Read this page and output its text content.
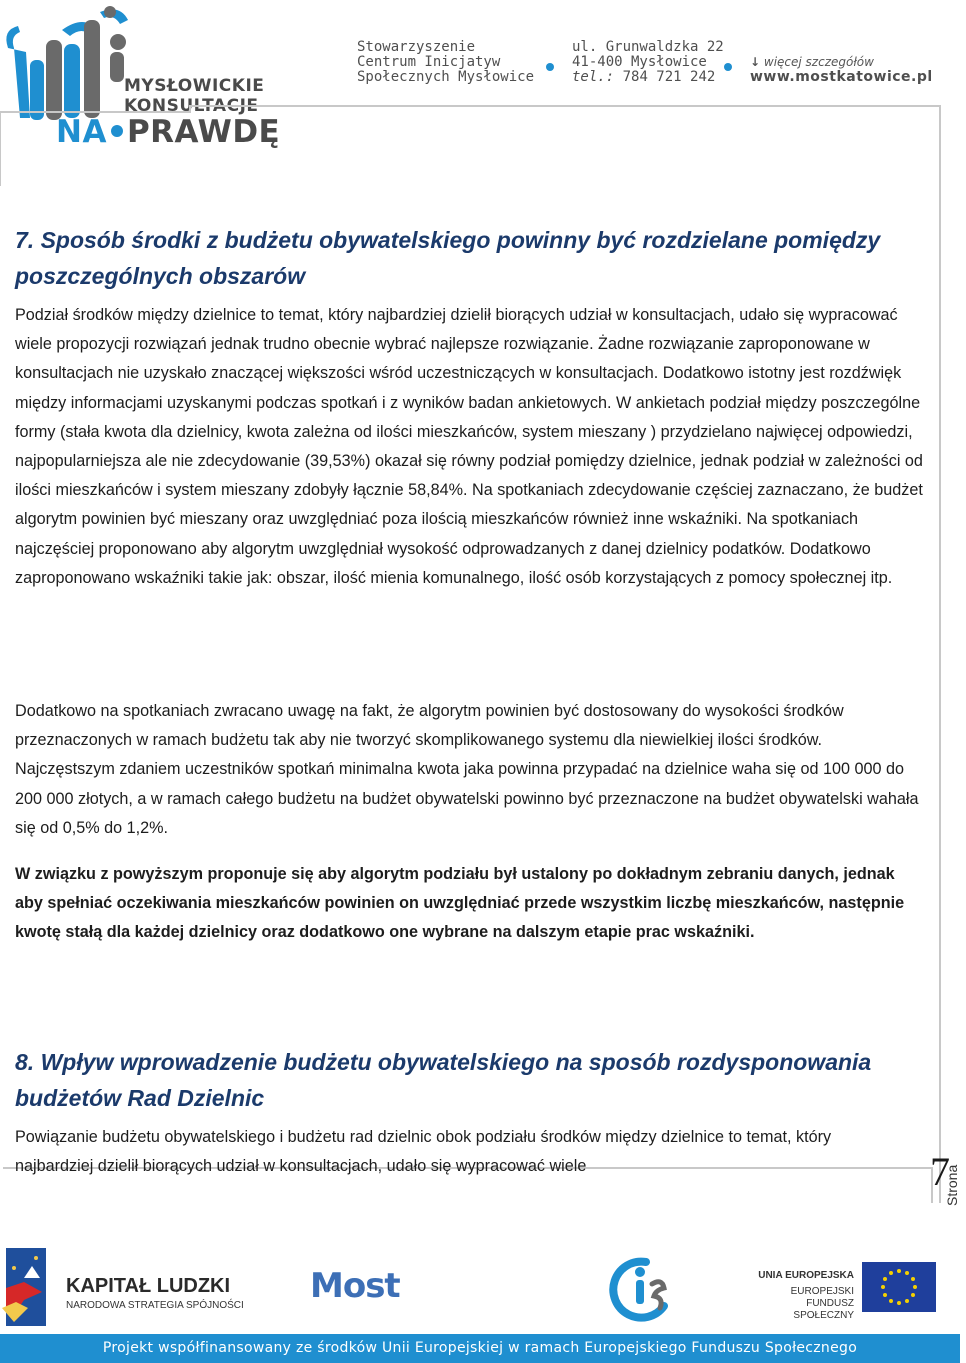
MYSŁOWICKIE
KONSULTACJE
NA PRAWDĘ
Stowarzyszenie
Centrum Inicjatyw
Społecznych Mysłowice
ul. Grunwaldzka 22
41-400 Mysłowice
tel.: 784 721 242
↓ więcej szczegółów
www.mostkatowice.pl
7. Sposób środki z budżetu obywatelskiego powinny być rozdzielane pomiędzy poszczególnych obszarów
Podział środków między dzielnice to temat, który najbardziej dzielił biorących udział w konsultacjach, udało się wypracować wiele propozycji rozwiązań jednak trudno obecnie wybrać najlepsze rozwiązanie. Żadne rozwiązanie zaproponowane w konsultacjach nie uzyskało znaczącej większości wśród uczestniczących w konsultacjach. Dodatkowo istotny jest rozdźwięk między informacjami uzyskanymi podczas spotkań i z wyników badan ankietowych. W ankietach podział między poszczególne formy (stała kwota dla dzielnicy, kwota zależna od ilości mieszkańców, system mieszany ) przydzielano najwięcej odpowiedzi, najpopularniejsza ale nie zdecydowanie (39,53%) okazał się równy podział pomiędzy dzielnice, jednak podział w zależności od ilości mieszkańców i system mieszany zdobyły łącznie 58,84%. Na spotkaniach zdecydowanie częściej zaznaczano, że budżet algorytm powinien być mieszany oraz uwzględniać poza ilością mieszkańców również inne wskaźniki. Na spotkaniach najczęściej proponowano aby algorytm uwzględniał wysokość odprowadzanych z danej dzielnicy podatków. Dodatkowo zaproponowano wskaźniki takie jak: obszar, ilość mienia komunalnego, ilość osób korzystających z pomocy społecznej itp.
Dodatkowo na spotkaniach zwracano uwagę na fakt, że algorytm powinien być dostosowany do wysokości środków przeznaczonych w ramach budżetu tak aby nie tworzyć skomplikowanego systemu dla niewielkiej ilości środków. Najczęstszym zdaniem uczestników spotkań minimalna kwota jaka powinna przypadać na dzielnice waha się od 100 000 do 200 000 złotych, a w ramach całego budżetu na budżet obywatelski powinno być przeznaczone na budżet obywatelski wahała się od 0,5% do 1,2%.
W związku z powyższym proponuje się aby algorytm podziału był ustalony po dokładnym zebraniu danych, jednak aby spełniać oczekiwania mieszkańców powinien on uwzględniać przede wszystkim liczbę mieszkańców, następnie kwotę stałą dla każdej dzielnicy oraz dodatkowo one wybrane na dalszym etapie prac wskaźniki.
8. Wpływ wprowadzenie budżetu obywatelskiego na sposób rozdysponowania budżetów Rad Dzielnic
Powiązanie budżetu obywatelskiego i budżetu rad dzielnic obok podziału środków między dzielnice to temat, który najbardziej dzielił biorących udział w konsultacjach, udało się wypracować wiele	7
Strona
KAPITAŁ LUDZKI
NARODOWA STRATEGIA SPÓJNOŚCI Most	UNIA EUROPEJSKA
EUROPEJSKI
FUNDUSZ SPOŁECZNY
Projekt współfinansowany ze środków Unii Europejskiej w ramach Europejskiego Funduszu Społecznego
